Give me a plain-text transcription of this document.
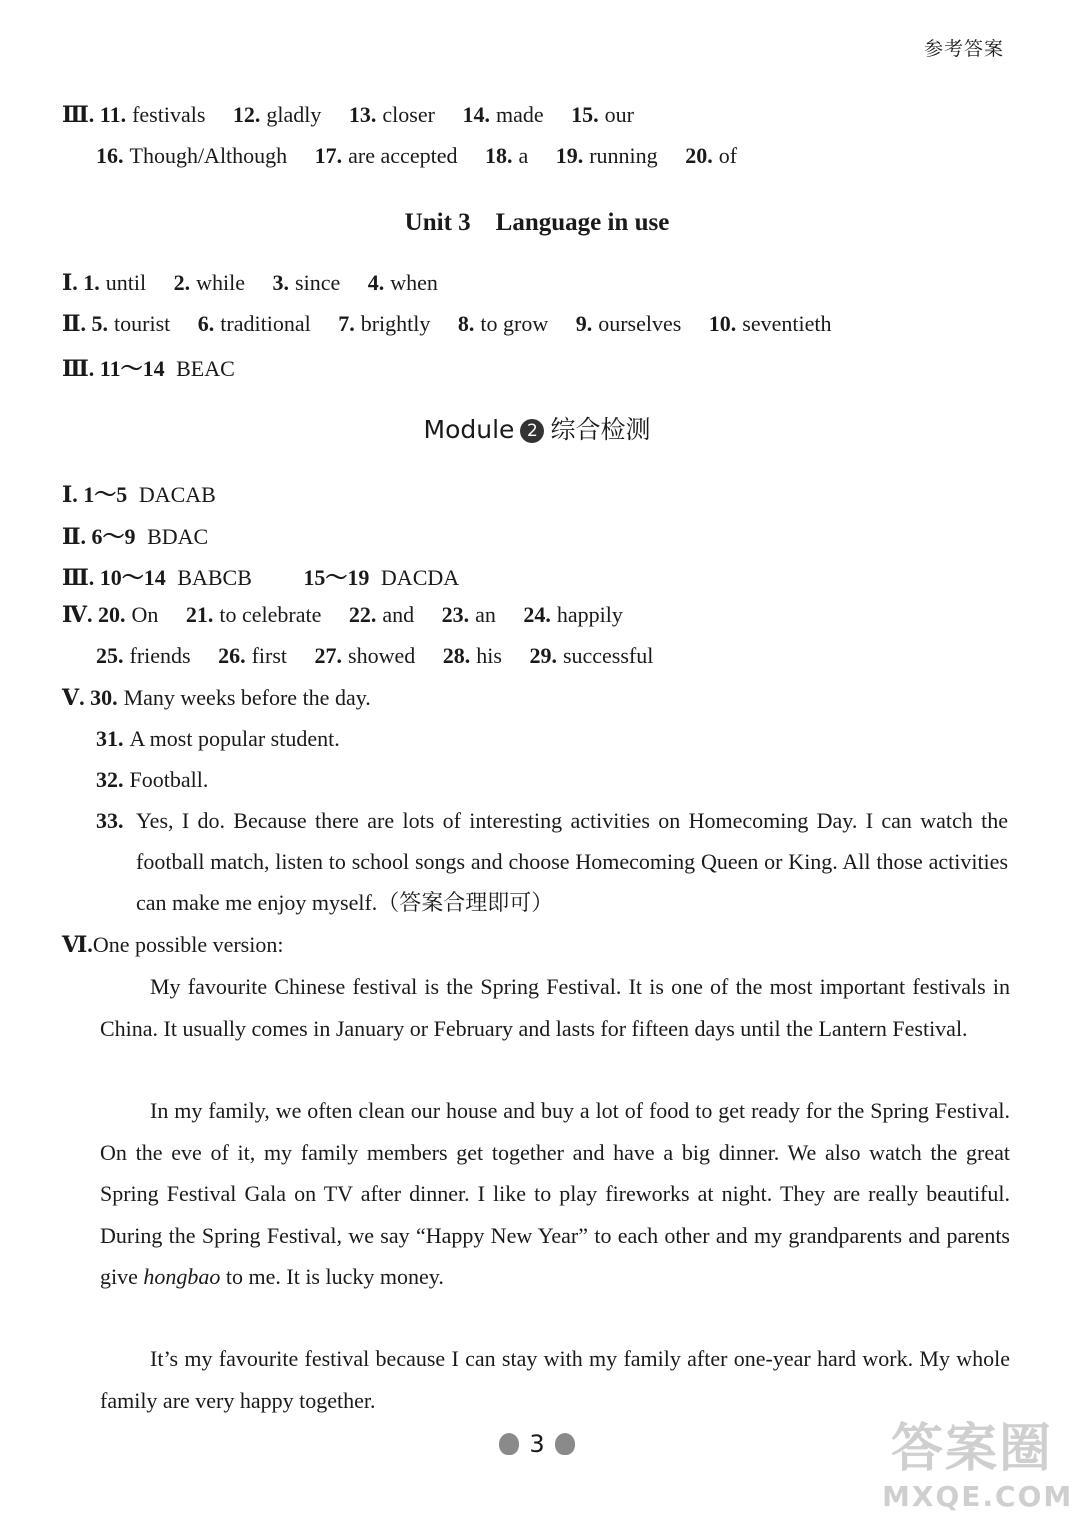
参考答案
Ⅲ. 11. festivals 12. gladly 13. closer 14. made 15. our
16. Though/Although 17. are accepted 18. a 19. running 20. of
Unit 3　Language in use
Ⅰ. 1. until 2. while 3. since 4. when
Ⅱ. 5. tourist 6. traditional 7. brightly 8. to grow 9. ourselves 10. seventieth
Ⅲ. 11～14 BEAC
Module 2 综合检测
Ⅰ. 1～5 DACAB
Ⅱ. 6～9 BDAC
Ⅲ. 10～14 BABCB 15～19 DACDA
Ⅳ. 20. On 21. to celebrate 22. and 23. an 24. happily
25. friends 26. first 27. showed 28. his 29. successful
Ⅴ. 30. Many weeks before the day.
31. A most popular student.
32. Football.
33. Yes, I do. Because there are lots of interesting activities on Homecoming Day. I can watch the football match, listen to school songs and choose Homecoming Queen or King. All those activities can make me enjoy myself.（答案合理即可）
Ⅵ.One possible version:
My favourite Chinese festival is the Spring Festival. It is one of the most important festivals in China. It usually comes in January or February and lasts for fifteen days until the Lantern Festival.
In my family, we often clean our house and buy a lot of food to get ready for the Spring Festival. On the eve of it, my family members get together and have a big dinner. We also watch the great Spring Festival Gala on TV after dinner. I like to play fireworks at night. They are really beautiful. During the Spring Festival, we say “Happy New Year” to each other and my grandparents and parents give hongbao to me. It is lucky money.
It’s my favourite festival because I can stay with my family after one-year hard work. My whole family are very happy together.
3	答案圈
MXQE.COM
